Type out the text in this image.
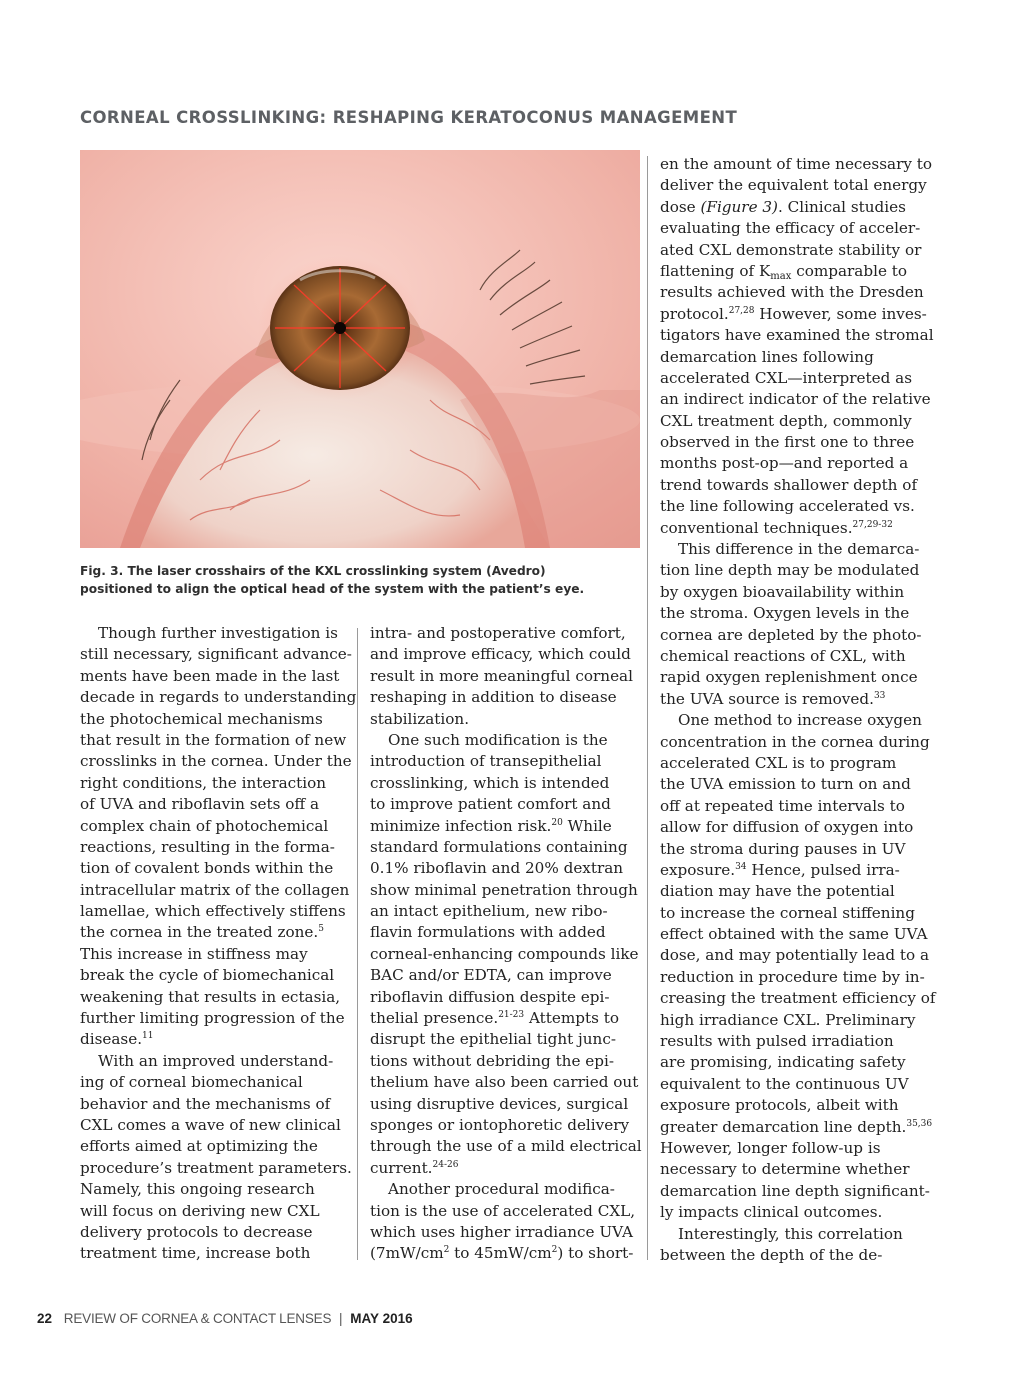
CORNEAL CROSSLINKING: RESHAPING KERATOCONUS MANAGEMENT
Fig. 3. The laser crosshairs of the KXL crosslinking system (Avedro)
positioned to align the optical head of the system with the patient’s eye.
Though further investigation is
still necessary, significant advance-
ments have been made in the last
decade in regards to understanding
the photochemical mechanisms
that result in the formation of new
crosslinks in the cornea. Under the
right conditions, the interaction
of UVA and riboflavin sets off a
complex chain of photochemical
reactions, resulting in the forma-
tion of covalent bonds within the
intracellular matrix of the collagen
lamellae, which effectively stiffens
the cornea in the treated zone.$^5$
This increase in stiffness may
break the cycle of biomechanical
weakening that results in ectasia,
further limiting progression of the
disease.$^{11}$
With an improved understand-
ing of corneal biomechanical
behavior and the mechanisms of
CXL comes a wave of new clinical
efforts aimed at optimizing the
procedure’s treatment parameters.
Namely, this ongoing research
will focus on deriving new CXL
delivery protocols to decrease
treatment time, increase both
intra- and postoperative comfort,
and improve efficacy, which could
result in more meaningful corneal
reshaping in addition to disease
stabilization.
One such modification is the
introduction of transepithelial
crosslinking, which is intended
to improve patient comfort and
minimize infection risk.$^{20}$ While
standard formulations containing
0.1% riboflavin and 20% dextran
show minimal penetration through
an intact epithelium, new ribo-
flavin formulations with added
corneal-enhancing compounds like
BAC and/or EDTA, can improve
riboflavin diffusion despite epi-
thelial presence.$^{21-23}$ Attempts to
disrupt the epithelial tight junc-
tions without debriding the epi-
thelium have also been carried out
using disruptive devices, surgical
sponges or iontophoretic delivery
through the use of a mild electrical
current.$^{24-26}$
Another procedural modifica-
tion is the use of accelerated CXL,
which uses higher irradiance UVA
(7mW/cm$^2$ to 45mW/cm$^2$) to short-
en the amount of time necessary to
deliver the equivalent total energy
dose (Figure 3). Clinical studies
evaluating the efficacy of acceler-
ated CXL demonstrate stability or
flattening of $K_{max}$ comparable to
results achieved with the Dresden
protocol.$^{27,28}$ However, some inves-
tigators have examined the stromal
demarcation lines following
accelerated CXL—interpreted as
an indirect indicator of the relative
CXL treatment depth, commonly
observed in the first one to three
months post-op—and reported a
trend towards shallower depth of
the line following accelerated vs.
conventional techniques.$^{27,29-32}$
This difference in the demarca-
tion line depth may be modulated
by oxygen bioavailability within
the stroma. Oxygen levels in the
cornea are depleted by the photo-
chemical reactions of CXL, with
rapid oxygen replenishment once
the UVA source is removed.$^{33}$
One method to increase oxygen
concentration in the cornea during
accelerated CXL is to program
the UVA emission to turn on and
off at repeated time intervals to
allow for diffusion of oxygen into
the stroma during pauses in UV
exposure.$^{34}$ Hence, pulsed irra-
diation may have the potential
to increase the corneal stiffening
effect obtained with the same UVA
dose, and may potentially lead to a
reduction in procedure time by in-
creasing the treatment efficiency of
high irradiance CXL. Preliminary
results with pulsed irradiation
are promising, indicating safety
equivalent to the continuous UV
exposure protocols, albeit with
greater demarcation line depth.$^{35,36}$
However, longer follow-up is
necessary to determine whether
demarcation line depth significant-
ly impacts clinical outcomes.
Interestingly, this correlation
between the depth of the de-
22 REVIEW OF CORNEA & CONTACT LENSES | MAY 2016
